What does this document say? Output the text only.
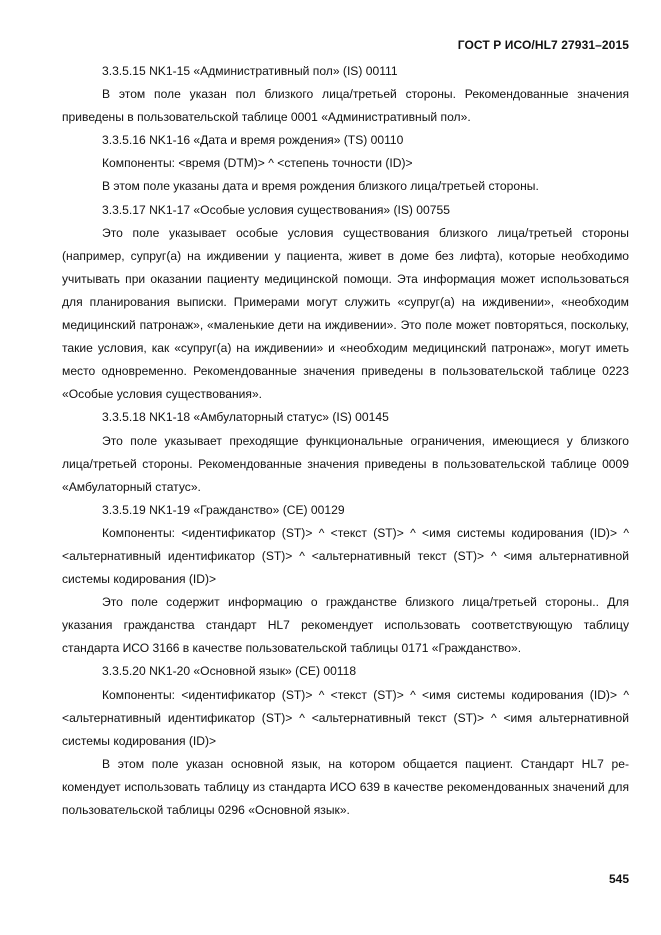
ГОСТ Р ИСО/HL7 27931–2015

3.3.5.15 NK1-15 «Административный пол» (IS) 00111

В этом поле указан пол близкого лица/третьей стороны. Рекомендованные значения приведены в пользовательской таблице 0001 «Административный пол».

3.3.5.16 NK1-16 «Дата и время рождения» (TS) 00110

Компоненты: <время (DTM)> ^ <степень точности (ID)>

В этом поле указаны дата и время рождения близкого лица/третьей стороны.

3.3.5.17 NK1-17 «Особые условия существования» (IS) 00755

Это поле указывает особые условия существования близкого лица/третьей стороны (например, супруг(а) на иждивении у пациента, живет в доме без лифта), которые необходимо учитывать при оказании пациенту медицинской помощи. Эта информация может использоваться для планирования выписки. Примерами могут служить «супруг(а) на иждивении», «необходим медицинский патронаж», «маленькие дети на иждивении». Это поле может повторяться, поскольку, такие условия, как «супруг(а) на иждивении» и «необходим медицинский патронаж», могут иметь место одновременно. Рекомендованные значения приведены в пользовательской таблице 0223 «Особые условия существования».

3.3.5.18 NK1-18 «Амбулаторный статус» (IS) 00145

Это поле указывает преходящие функциональные ограничения, имеющиеся у близкого лица/третьей стороны. Рекомендованные значения приведены в пользовательской таблице 0009 «Амбулаторный статус».

3.3.5.19 NK1-19 «Гражданство» (CE) 00129

Компоненты: <идентификатор (ST)> ^ <текст (ST)> ^ <имя системы кодирования (ID)> ^ <альтернативный идентификатор (ST)> ^ <альтернативный текст (ST)> ^ <имя альтернативной системы кодирования (ID)>

Это поле содержит информацию о гражданстве близкого лица/третьей стороны.. Для указания гражданства стандарт HL7 рекомендует использовать соответствующую таблицу стандарта ИСО 3166 в качестве пользовательской таблицы 0171 «Гражданство».

3.3.5.20 NK1-20 «Основной язык» (CE) 00118

Компоненты: <идентификатор (ST)> ^ <текст (ST)> ^ <имя системы кодирования (ID)> ^ <альтернативный идентификатор (ST)> ^ <альтернативный текст (ST)> ^ <имя альтернативной системы кодирования (ID)>

В этом поле указан основной язык, на котором общается пациент. Стандарт HL7 рекомендует использовать таблицу из стандарта ИСО 639 в качестве рекомендованных значений для пользовательской таблицы 0296 «Основной язык».

545
